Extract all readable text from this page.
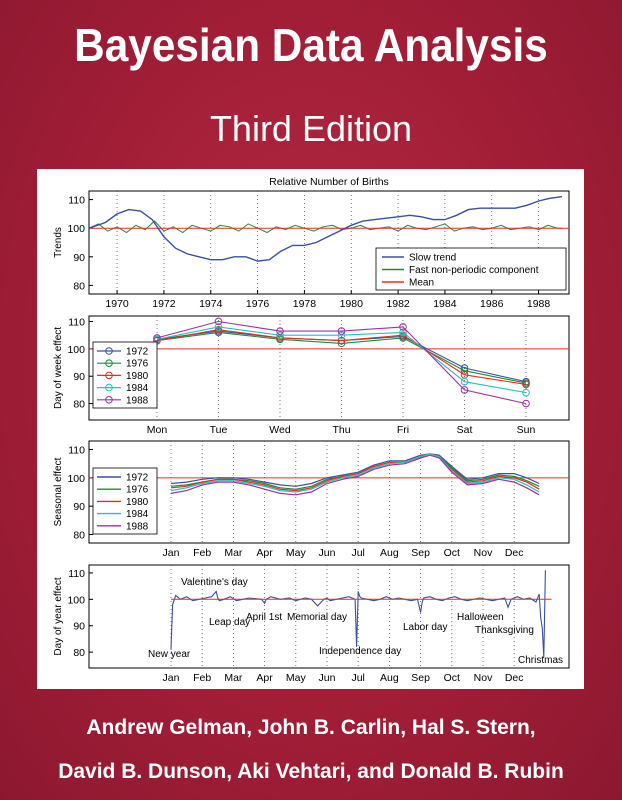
Bayesian Data Analysis
Third Edition
80
90
100
110
Trends
Relative Number of Births
1970 1972 1974 1976 1978 1980 1982 1984 1986 1988
Slow trend
Fast non-periodic component
Mean
80
90
100
110
Day of week effect
Mon	Tue	Wed	Thu	Fri	Sat	Sun
1972
1976
1980
1984
1988
80
90
100
110
Seasonal effect
Jan Feb Mar Apr May Jun Jul Aug Sep Oct Nov Dec
1972
1976
1980
1984
1988
80
90
100
110
Day of year effect
Jan Feb Mar Apr May Jun Jul Aug Sep Oct Nov Dec
Valentine's day
Leap day
April 1st Memorial day
Labor day
Halloween
Thanksgiving
New year	Independence day
Christmas
Andrew Gelman, John B. Carlin, Hal S. Stern,
David B. Dunson, Aki Vehtari, and Donald B. Rubin
